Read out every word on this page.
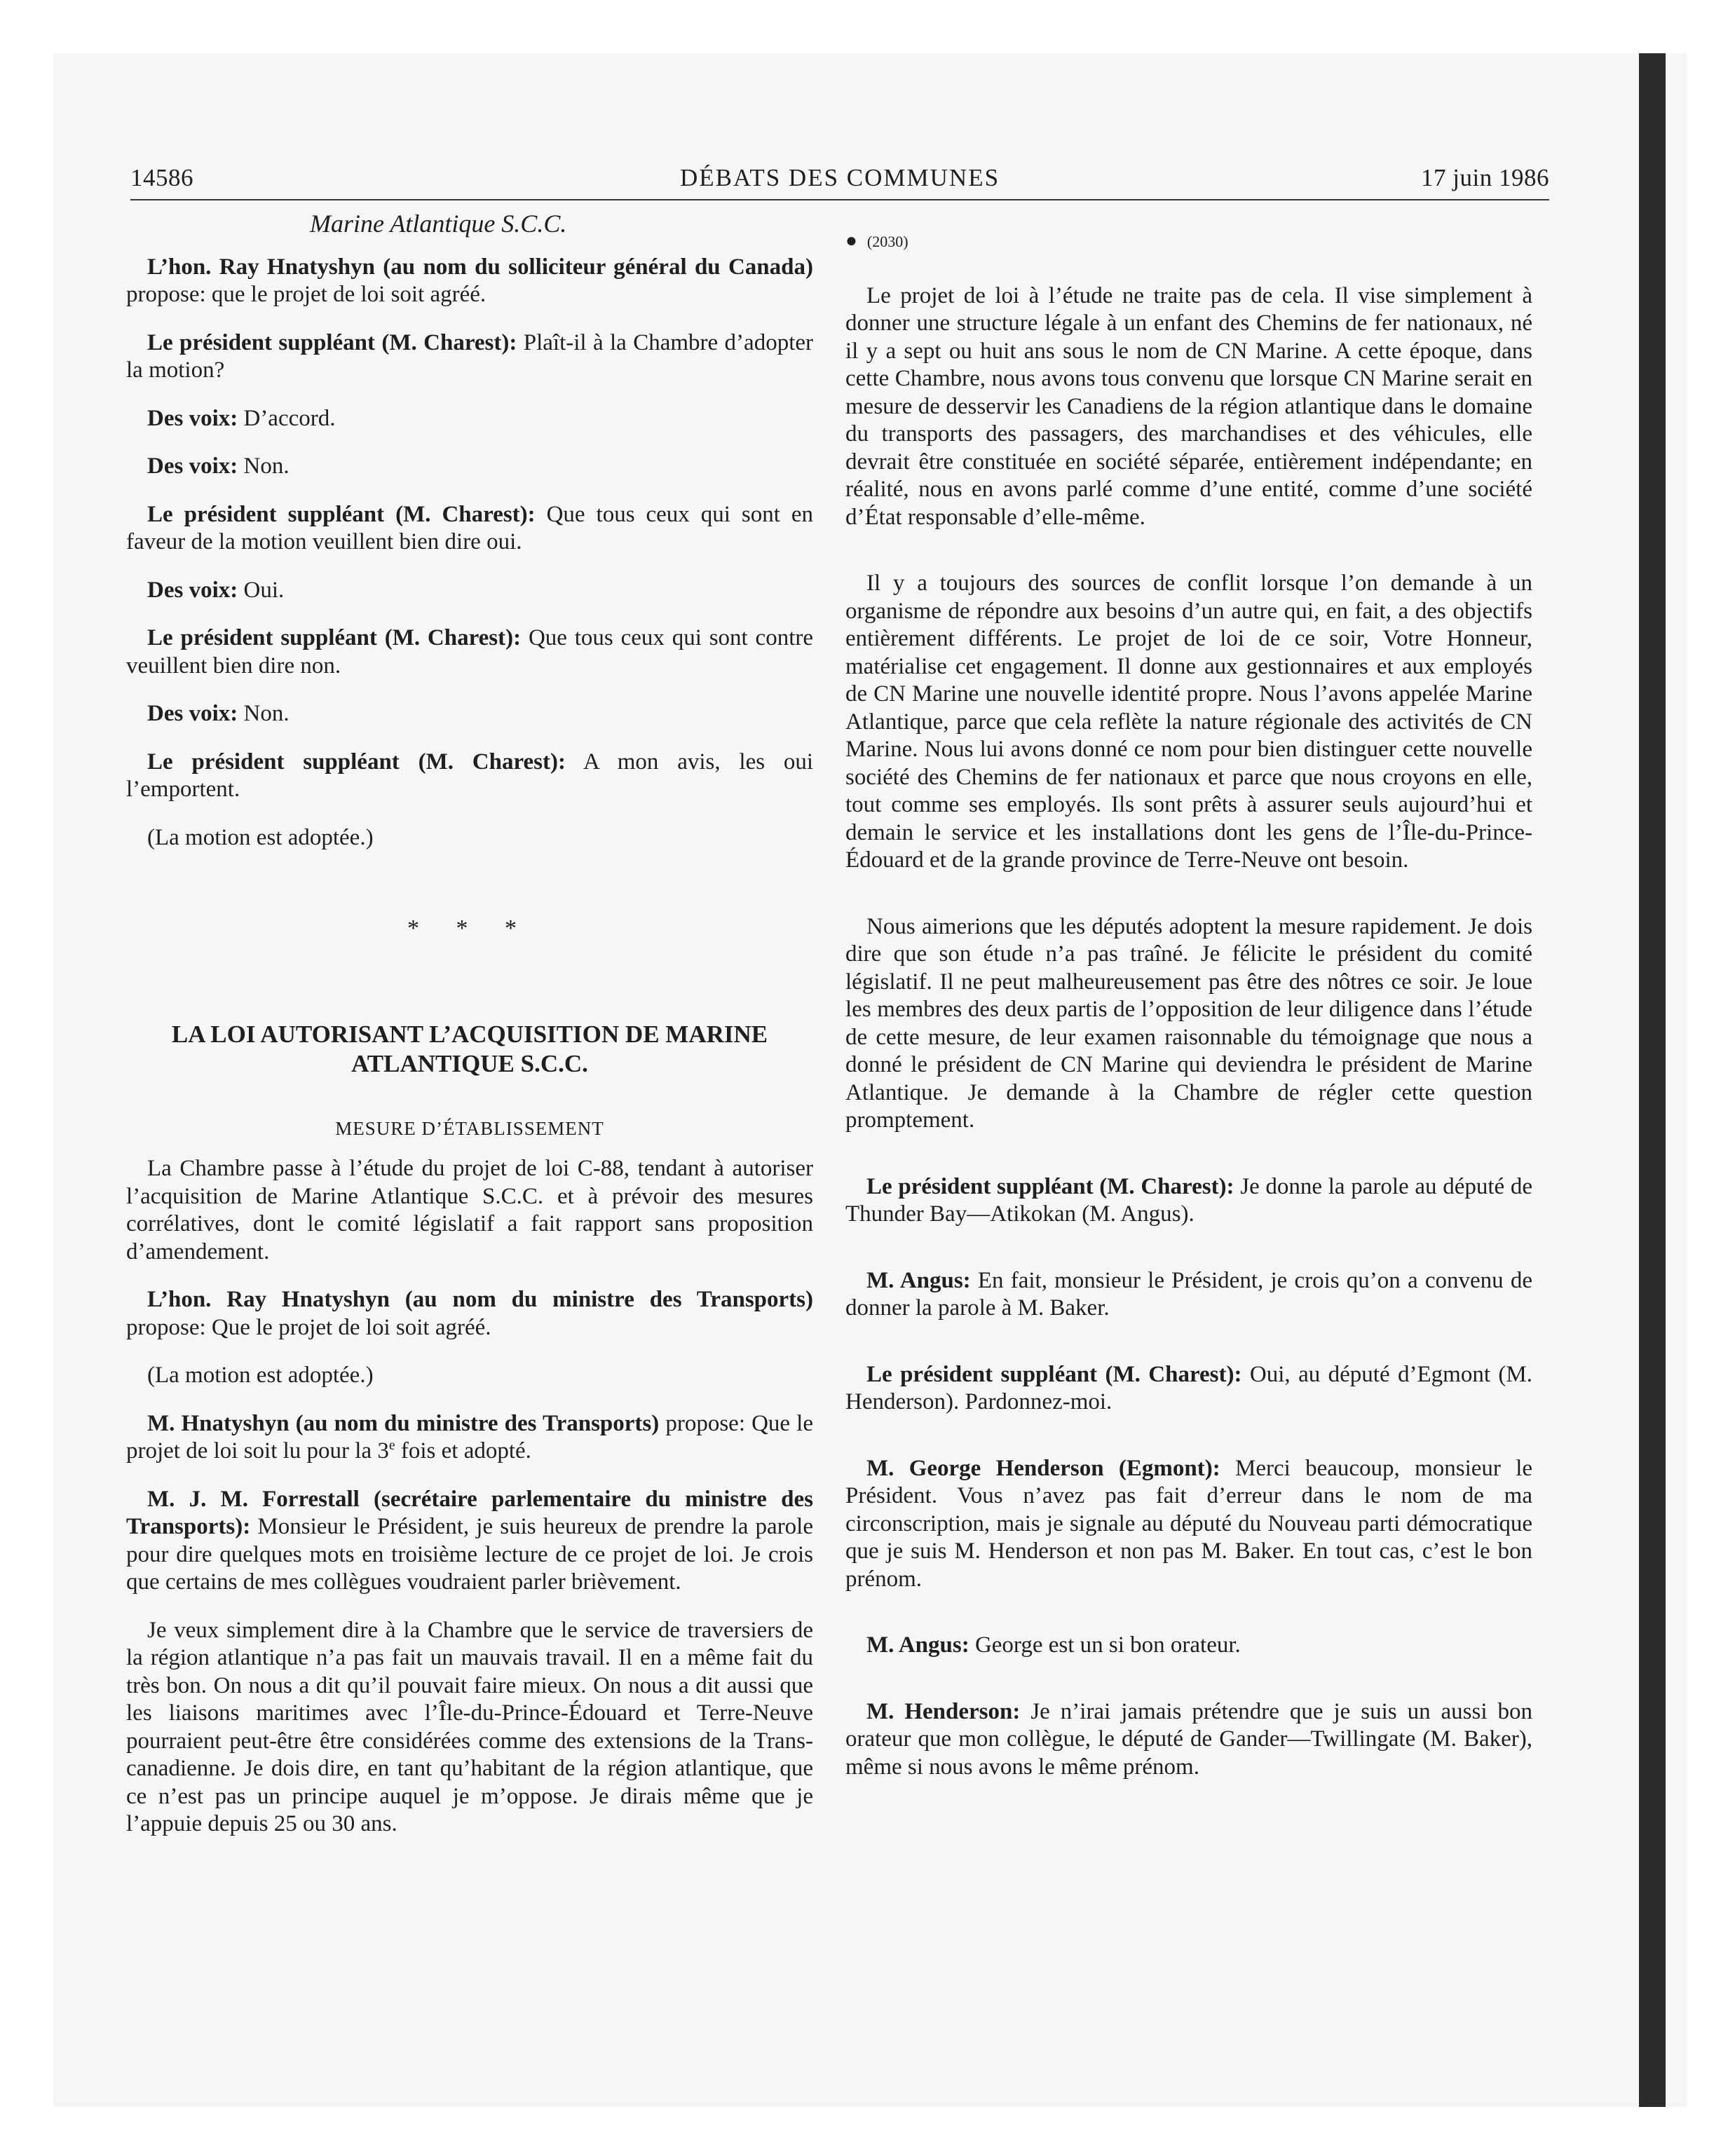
14586	DÉBATS DES COMMUNES	17 juin 1986

Marine Atlantique S.C.C.

L’hon. Ray Hnatyshyn (au nom du solliciteur général du Canada) propose: que le projet de loi soit agréé.

Le président suppléant (M. Charest): Plaît-il à la Chambre d’adopter la motion?

Des voix: D’accord.

Des voix: Non.

Le président suppléant (M. Charest): Que tous ceux qui sont en faveur de la motion veuillent bien dire oui.

Des voix: Oui.

Le président suppléant (M. Charest): Que tous ceux qui sont contre veuillent bien dire non.

Des voix: Non.

Le président suppléant (M. Charest): A mon avis, les oui l’emportent.

(La motion est adoptée.)

* * *

LA LOI AUTORISANT L’ACQUISITION DE MARINE ATLANTIQUE S.C.C.

MESURE D’ÉTABLISSEMENT

La Chambre passe à l’étude du projet de loi C-88, tendant à autoriser l’acquisition de Marine Atlantique S.C.C. et à prévoir des mesures corrélatives, dont le comité législatif a fait rapport sans proposition d’amendement.

L’hon. Ray Hnatyshyn (au nom du ministre des Transports) propose: Que le projet de loi soit agréé.

(La motion est adoptée.)

M. Hnatyshyn (au nom du ministre des Transports) propose: Que le projet de loi soit lu pour la 3e fois et adopté.

M. J. M. Forrestall (secrétaire parlementaire du ministre des Transports): Monsieur le Président, je suis heureux de prendre la parole pour dire quelques mots en troisième lecture de ce projet de loi. Je crois que certains de mes collègues voudraient parler brièvement.

Je veux simplement dire à la Chambre que le service de traversiers de la région atlantique n’a pas fait un mauvais travail. Il en a même fait du très bon. On nous a dit qu’il pouvait faire mieux. On nous a dit aussi que les liaisons maritimes avec l’Île-du-Prince-Édouard et Terre-Neuve pourraient peut-être être considérées comme des extensions de la Trans-canadienne. Je dois dire, en tant qu’habitant de la région atlantique, que ce n’est pas un principe auquel je m’oppose. Je dirais même que je l’appuie depuis 25 ou 30 ans.

● (2030)

Le projet de loi à l’étude ne traite pas de cela. Il vise simplement à donner une structure légale à un enfant des Chemins de fer nationaux, né il y a sept ou huit ans sous le nom de CN Marine. A cette époque, dans cette Chambre, nous avons tous convenu que lorsque CN Marine serait en mesure de desservir les Canadiens de la région atlantique dans le domaine du transports des passagers, des marchandises et des véhicules, elle devrait être constituée en société séparée, entièrement indépendante; en réalité, nous en avons parlé comme d’une entité, comme d’une société d’État responsable d’elle-même.

Il y a toujours des sources de conflit lorsque l’on demande à un organisme de répondre aux besoins d’un autre qui, en fait, a des objectifs entièrement différents. Le projet de loi de ce soir, Votre Honneur, matérialise cet engagement. Il donne aux gestionnaires et aux employés de CN Marine une nouvelle identité propre. Nous l’avons appelée Marine Atlantique, parce que cela reflète la nature régionale des activités de CN Marine. Nous lui avons donné ce nom pour bien distinguer cette nouvelle société des Chemins de fer nationaux et parce que nous croyons en elle, tout comme ses employés. Ils sont prêts à assurer seuls aujourd’hui et demain le service et les installations dont les gens de l’Île-du-Prince-Édouard et de la grande province de Terre-Neuve ont besoin.

Nous aimerions que les députés adoptent la mesure rapidement. Je dois dire que son étude n’a pas traîné. Je félicite le président du comité législatif. Il ne peut malheureusement pas être des nôtres ce soir. Je loue les membres des deux partis de l’opposition de leur diligence dans l’étude de cette mesure, de leur examen raisonnable du témoignage que nous a donné le président de CN Marine qui deviendra le président de Marine Atlantique. Je demande à la Chambre de régler cette question promptement.

Le président suppléant (M. Charest): Je donne la parole au député de Thunder Bay—Atikokan (M. Angus).

M. Angus: En fait, monsieur le Président, je crois qu’on a convenu de donner la parole à M. Baker.

Le président suppléant (M. Charest): Oui, au député d’Egmont (M. Henderson). Pardonnez-moi.

M. George Henderson (Egmont): Merci beaucoup, monsieur le Président. Vous n’avez pas fait d’erreur dans le nom de ma circonscription, mais je signale au député du Nouveau parti démocratique que je suis M. Henderson et non pas M. Baker. En tout cas, c’est le bon prénom.

M. Angus: George est un si bon orateur.

M. Henderson: Je n’irai jamais prétendre que je suis un aussi bon orateur que mon collègue, le député de Gander—Twillingate (M. Baker), même si nous avons le même prénom.
